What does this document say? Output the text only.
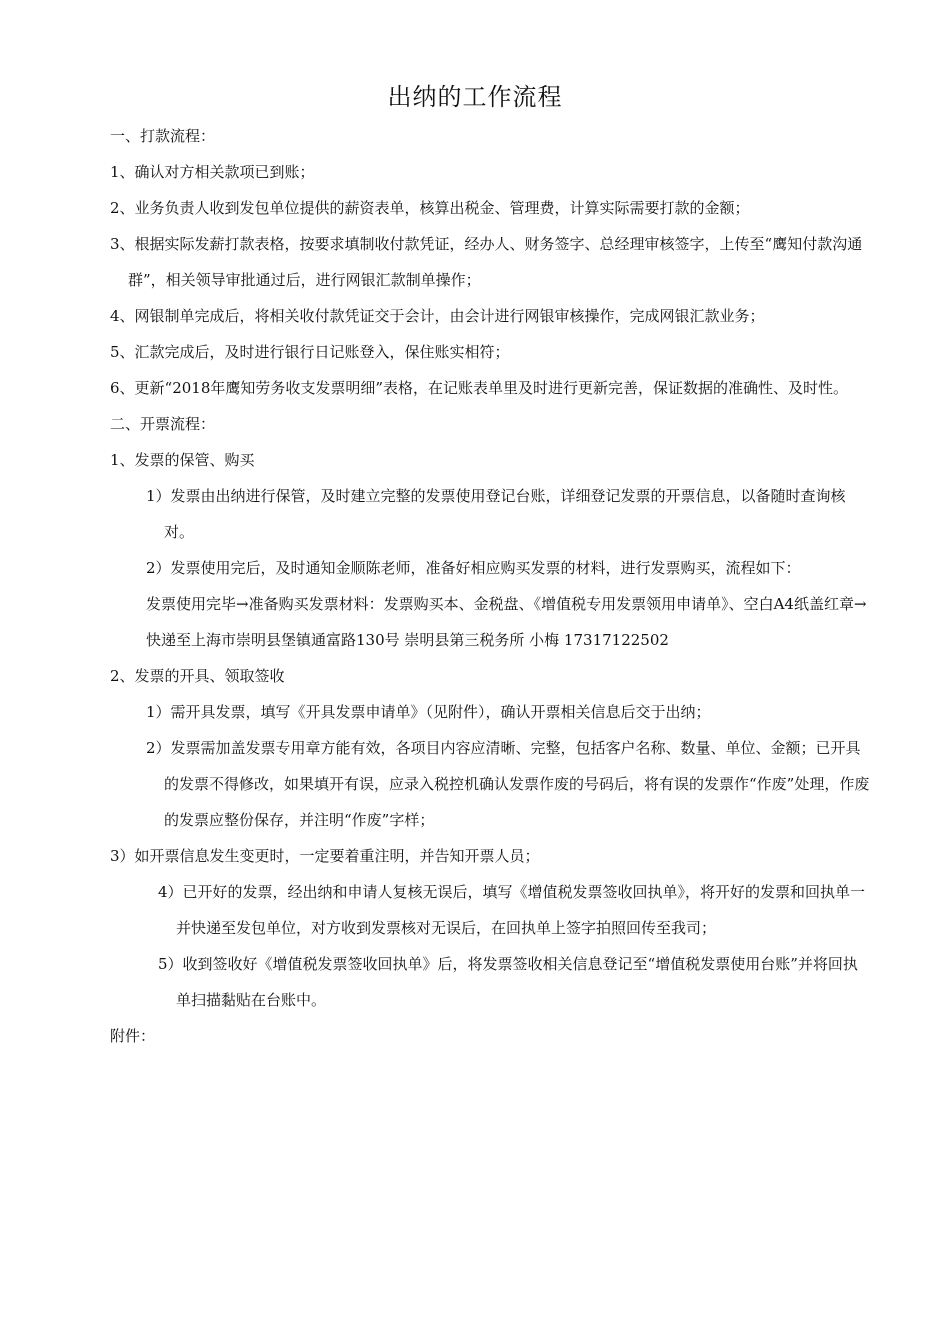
出纳的工作流程

一、打款流程：

1、确认对方相关款项已到账；

2、业务负责人收到发包单位提供的薪资表单，核算出税金、管理费，计算实际需要打款的金额；

3、根据实际发薪打款表格，按要求填制收付款凭证，经办人、财务签字、总经理审核签字，上传至“鹰知付款沟通群”，相关领导审批通过后，进行网银汇款制单操作；

4、网银制单完成后，将相关收付款凭证交于会计，由会计进行网银审核操作，完成网银汇款业务；

5、汇款完成后，及时进行银行日记账登入，保住账实相符；

6、更新“2018年鹰知劳务收支发票明细”表格，在记账表单里及时进行更新完善，保证数据的准确性、及时性。

二、开票流程：

1、发票的保管、购买

1）发票由出纳进行保管，及时建立完整的发票使用登记台账，详细登记发票的开票信息，以备随时查询核对。

2）发票使用完后，及时通知金顺陈老师，准备好相应购买发票的材料，进行发票购买，流程如下：

发票使用完毕→准备购买发票材料：发票购买本、金税盘、《增值税专用发票领用申请单》、空白A4纸盖红章→快递至上海市崇明县堡镇通富路130号 崇明县第三税务所 小梅 17317122502

2、发票的开具、领取签收

1）需开具发票，填写《开具发票申请单》（见附件），确认开票相关信息后交于出纳；

2）发票需加盖发票专用章方能有效，各项目内容应清晰、完整，包括客户名称、数量、单位、金额；已开具的发票不得修改，如果填开有误，应录入税控机确认发票作废的号码后，将有误的发票作“作废”处理，作废的发票应整份保存，并注明“作废”字样；

3）如开票信息发生变更时，一定要着重注明，并告知开票人员；

4）已开好的发票，经出纳和申请人复核无误后，填写《增值税发票签收回执单》，将开好的发票和回执单一并快递至发包单位，对方收到发票核对无误后，在回执单上签字拍照回传至我司；

5）收到签收好《增值税发票签收回执单》后，将发票签收相关信息登记至“增值税发票使用台账”并将回执单扫描黏贴在台账中。

附件：
